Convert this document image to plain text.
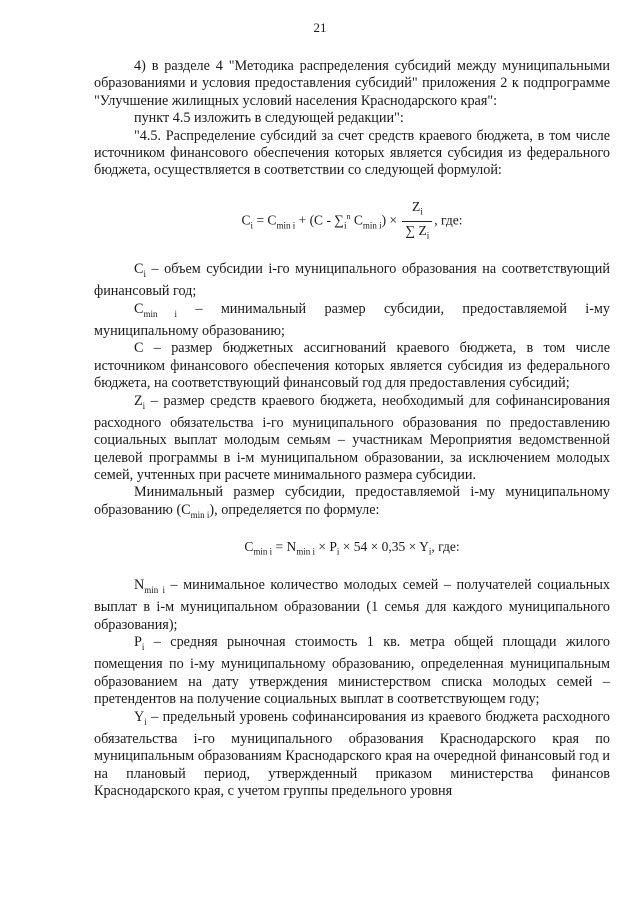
21

4) в разделе 4 "Методика распределения субсидий между муниципальными образованиями и условия предоставления субсидий" приложения 2 к подпрограмме "Улучшение жилищных условий населения Краснодарского края":

пункт 4.5 изложить в следующей редакции":

"4.5. Распределение субсидий за счет средств краевого бюджета, в том числе источником финансового обеспечения которых является субсидия из федерального бюджета, осуществляется в соответствии со следующей формулой:

$C_i = C_{min i} + (C - \sum_i^n$ $C_{min i}) \times \frac{Z_i}{\sum Z_i}$ , где:

$C_i$ – объем субсидии i-го муниципального образования на соответствующий финансовый год;

$C_{min i}$ – минимальный размер субсидии, предоставляемой i-му муниципальному образованию;

C – размер бюджетных ассигнований краевого бюджета, в том числе источником финансового обеспечения которых является субсидия из федерального бюджета, на соответствующий финансовый год для предоставления субсидий;

$Z_i$ – размер средств краевого бюджета, необходимый для софинансирования расходного обязательства i-го муниципального образования по предоставлению социальных выплат молодым семьям – участникам Мероприятия ведомственной целевой программы в i-м муниципальном образовании, за исключением молодых семей, учтенных при расчете минимального размера субсидии.

Минимальный размер субсидии, предоставляемой i-му муниципальному образованию $(C_{min i})$, определяется по формуле:

$C_{min i} = N_{min i} \times P_i \times 54 \times 0,35 \times Y_i$, где:

$N_{min i}$ – минимальное количество молодых семей – получателей социальных выплат в i-м муниципальном образовании (1 семья для каждого муниципального образования);

$P_i$ – средняя рыночная стоимость 1 кв. метра общей площади жилого помещения по i-му муниципальному образованию, определенная муниципальным образованием на дату утверждения министерством списка молодых семей – претендентов на получение социальных выплат в соответствующем году;

$Y_i$ – предельный уровень софинансирования из краевого бюджета расходного обязательства i-го муниципального образования Краснодарского края по муниципальным образованиям Краснодарского края на очередной финансовый год и на плановый период, утвержденный приказом министерства финансов Краснодарского края, с учетом группы предельного уровня
